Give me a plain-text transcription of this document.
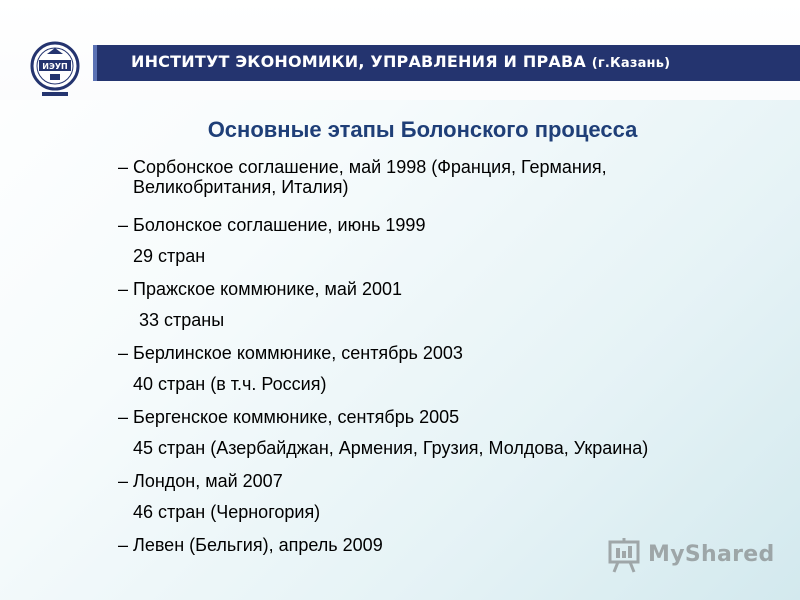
ИЭУП	ИНСТИТУТ ЭКОНОМИКИ, УПРАВЛЕНИЯ И ПРАВА (г.Казань)
Основные этапы Болонского процесса
– Сорбонское соглашение, май 1998 (Франция, Германия,
Великобритания, Италия)
– Болонское соглашение, июнь 1999
29 стран
– Пражское коммюнике, май 2001
33 страны
– Берлинское коммюнике, сентябрь 2003
40 стран (в т.ч. Россия)
– Бергенское коммюнике, сентябрь 2005
45 стран (Азербайджан, Армения, Грузия, Молдова, Украина)
– Лондон, май 2007
46 стран (Черногория)
– Левен (Бельгия), апрель 2009	MyShared
